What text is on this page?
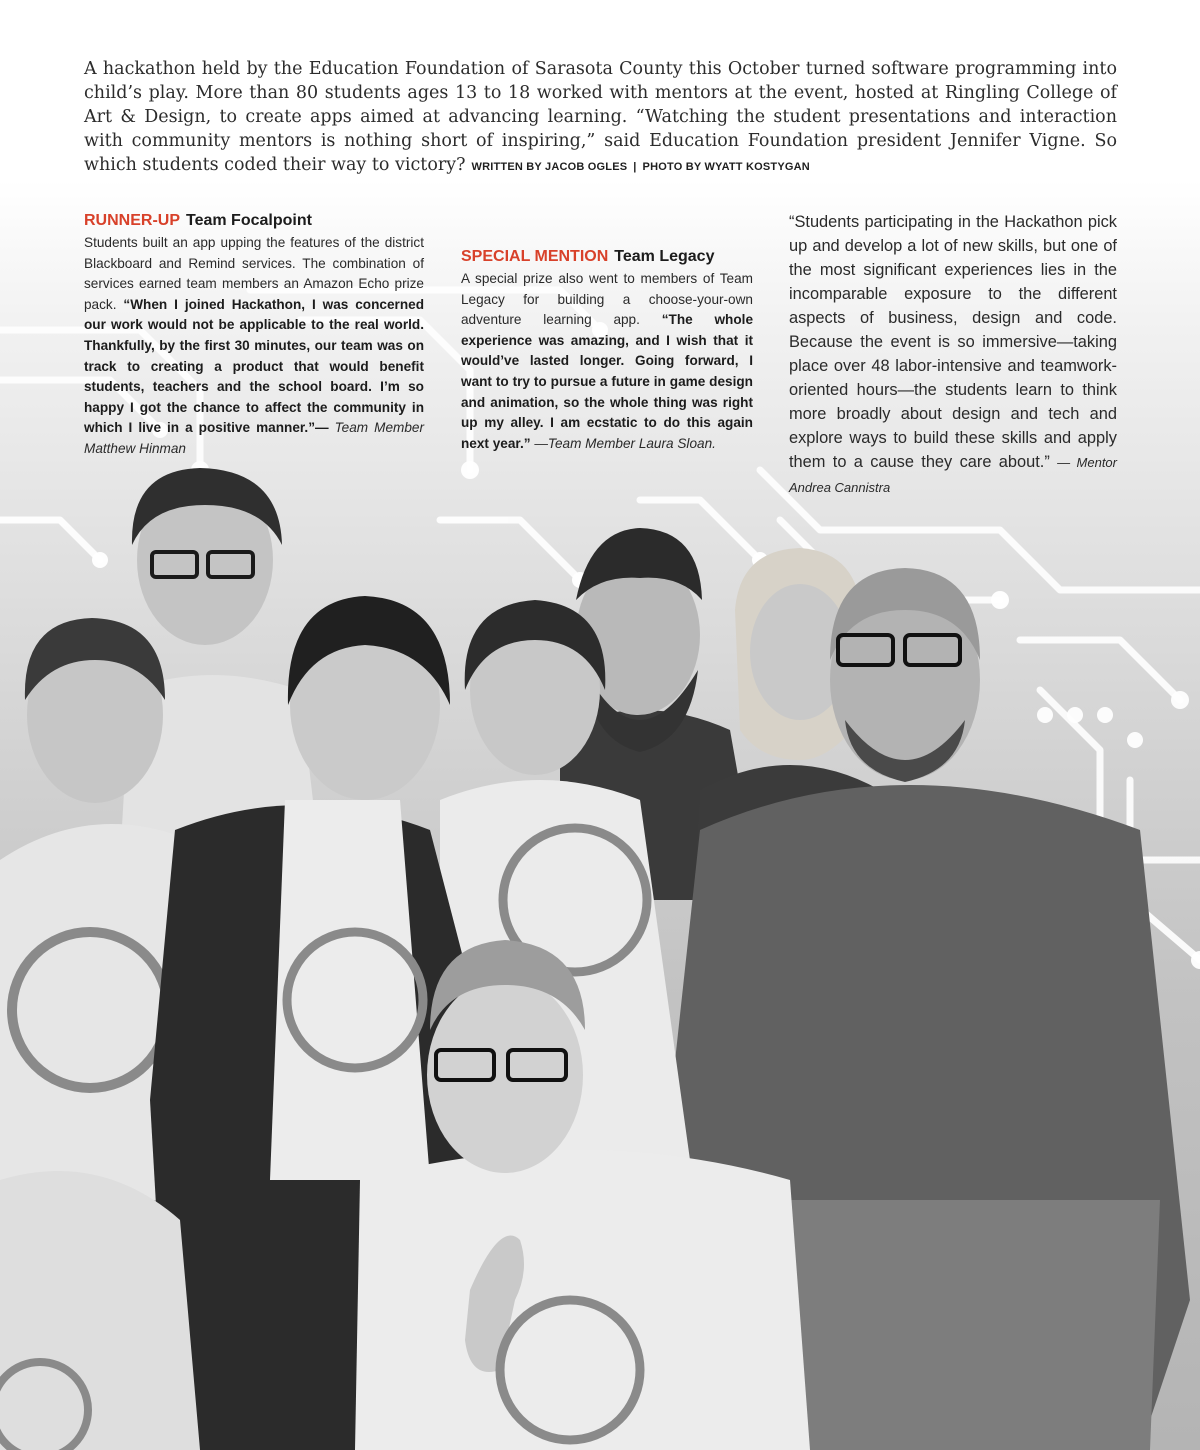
A hackathon held by the Education Foundation of Sarasota County this October turned software programming into child’s play. More than 80 students ages 13 to 18 worked with mentors at the event, hosted at Ringling College of Art & Design, to create apps aimed at advancing learning. “Watching the student presentations and interaction with community mentors is nothing short of inspiring,” said Education Foundation president Jennifer Vigne. So which students coded their way to victory? WRITTEN BY JACOB OGLES | PHOTO BY WYATT KOSTYGAN

RUNNER-UP Team Focalpoint

Students built an app upping the features of the district Blackboard and Remind services. The combination of services earned team members an Amazon Echo prize pack. “When I joined Hackathon, I was concerned our work would not be applicable to the real world. Thankfully, by the first 30 minutes, our team was on track to creating a product that would benefit students, teachers and the school board. I’m so happy I got the chance to affect the community in which I live in a positive manner.”— Team Member Matthew Hinman

SPECIAL MENTION Team Legacy

A special prize also went to members of Team Legacy for building a choose-your-own adventure learning app. “The whole experience was amazing, and I wish that it would’ve lasted longer. Going forward, I want to try to pursue a future in game design and animation, so the whole thing was right up my alley. I am ecstatic to do this again next year.” —Team Member Laura Sloan.

“Students participating in the Hackathon pick up and develop a lot of new skills, but one of the most significant experiences lies in the incomparable exposure to the different aspects of business, design and code. Because the event is so immersive—taking place over 48 labor-intensive and teamwork-oriented hours—the students learn to think more broadly about design and tech and explore ways to build these skills and apply them to a cause they care about.” — Mentor Andrea Cannistra
